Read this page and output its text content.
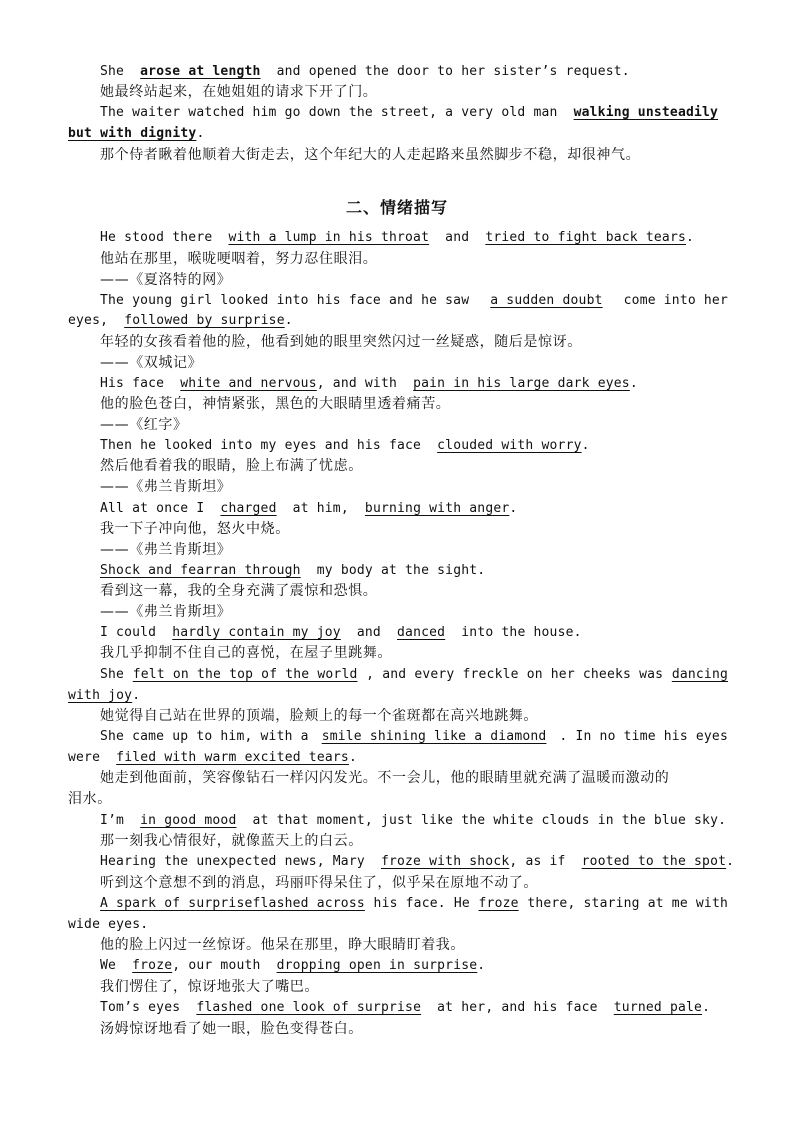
She arose at length and opened the door to her sister’s request.
她最终站起来，在她姐姐的请求下开了门。
The waiter watched him go down the street, a very old man walking unsteadily
but with dignity.
那个侍者瞅着他顺着大街走去，这个年纪大的人走起路来虽然脚步不稳，却很神气。
二、情绪描写
He stood there with a lump in his throat and tried to fight back tears.
他站在那里，喉咙哽咽着，努力忍住眼泪。
——《夏洛特的网》
The young girl looked into his face and he saw a sudden doubt come into her
eyes, followed by surprise.
年轻的女孩看着他的脸，他看到她的眼里突然闪过一丝疑惑，随后是惊讶。
——《双城记》
His face white and nervous, and with pain in his large dark eyes.
他的脸色苍白，神情紧张，黑色的大眼睛里透着痛苦。
——《红字》
Then he looked into my eyes and his face clouded with worry.
然后他看着我的眼睛，脸上布满了忧虑。
——《弗兰肯斯坦》
All at once I charged at him, burning with anger.
我一下子冲向他，怒火中烧。
——《弗兰肯斯坦》
Shock and fearran through my body at the sight.
看到这一幕，我的全身充满了震惊和恐惧。
——《弗兰肯斯坦》
I could hardly contain my joy and danced into the house.
我几乎抑制不住自己的喜悦，在屋子里跳舞。
She felt on the top of the world , and every freckle on her cheeks was dancing
with joy.
她觉得自己站在世界的顶端，脸颊上的每一个雀斑都在高兴地跳舞。
She came up to him, with a smile shining like a diamond . In no time his eyes
were filed with warm excited tears.
她走到他面前，笑容像钻石一样闪闪发光。不一会儿，他的眼睛里就充满了温暖而激动的
泪水。
I’m in good mood at that moment, just like the white clouds in the blue sky.
那一刻我心情很好，就像蓝天上的白云。
Hearing the unexpected news, Mary froze with shock, as if rooted to the spot.
听到这个意想不到的消息，玛丽吓得呆住了，似乎呆在原地不动了。
A spark of surpriseflashed across his face. He froze there, staring at me with
wide eyes.
他的脸上闪过一丝惊讶。他呆在那里，睁大眼睛盯着我。
We froze, our mouth dropping open in surprise.
我们愣住了，惊讶地张大了嘴巴。
Tom’s eyes flashed one look of surprise at her, and his face turned pale.
汤姆惊讶地看了她一眼，脸色变得苍白。
